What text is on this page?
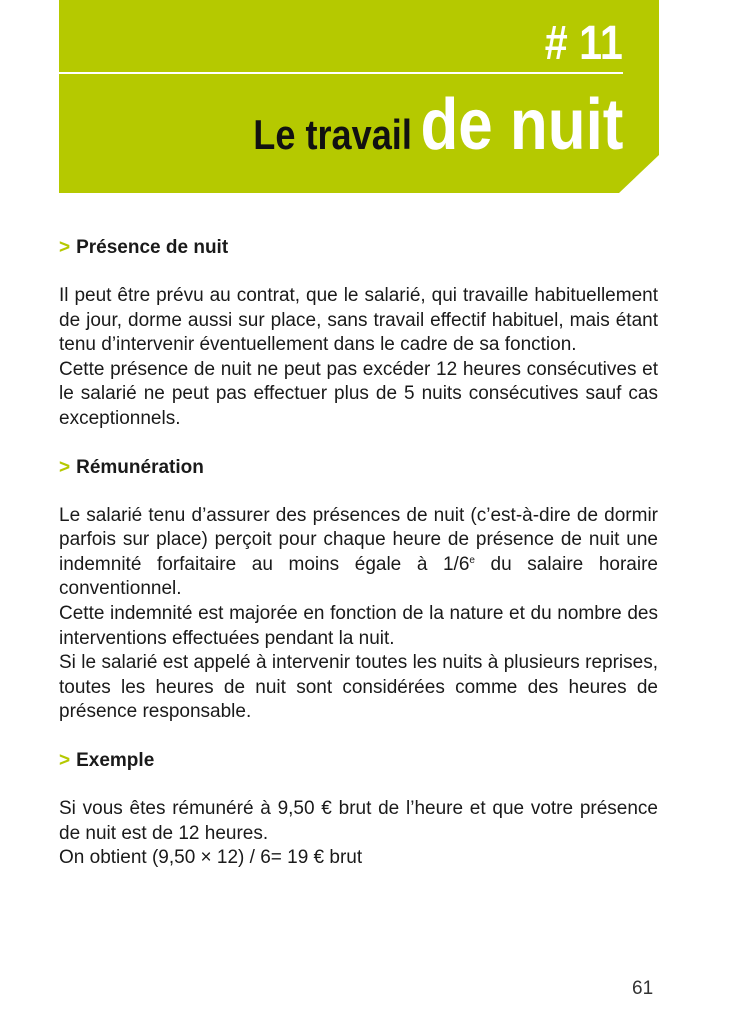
# 11
Le travail de nuit
> Présence de nuit

Il peut être prévu au contrat, que le salarié, qui travaille habituellement de jour, dorme aussi sur place, sans travail effectif habituel, mais étant tenu d’intervenir éventuellement dans le cadre de sa fonction.

Cette présence de nuit ne peut pas excéder 12 heures consécutives et le salarié ne peut pas effectuer plus de 5 nuits consécutives sauf cas exceptionnels.

> Rémunération

Le salarié tenu d’assurer des présences de nuit (c’est-à-dire de dormir parfois sur place) perçoit pour chaque heure de présence de nuit une indemnité forfaitaire au moins égale à 1/6e du salaire horaire conventionnel.

Cette indemnité est majorée en fonction de la nature et du nombre des interventions effectuées pendant la nuit.

Si le salarié est appelé à intervenir toutes les nuits à plusieurs reprises, toutes les heures de nuit sont considérées comme des heures de présence responsable.

> Exemple

Si vous êtes rémunéré à 9,50 € brut de l’heure et que votre présence de nuit est de 12 heures.

On obtient (9,50 × 12) / 6= 19 € brut

61
